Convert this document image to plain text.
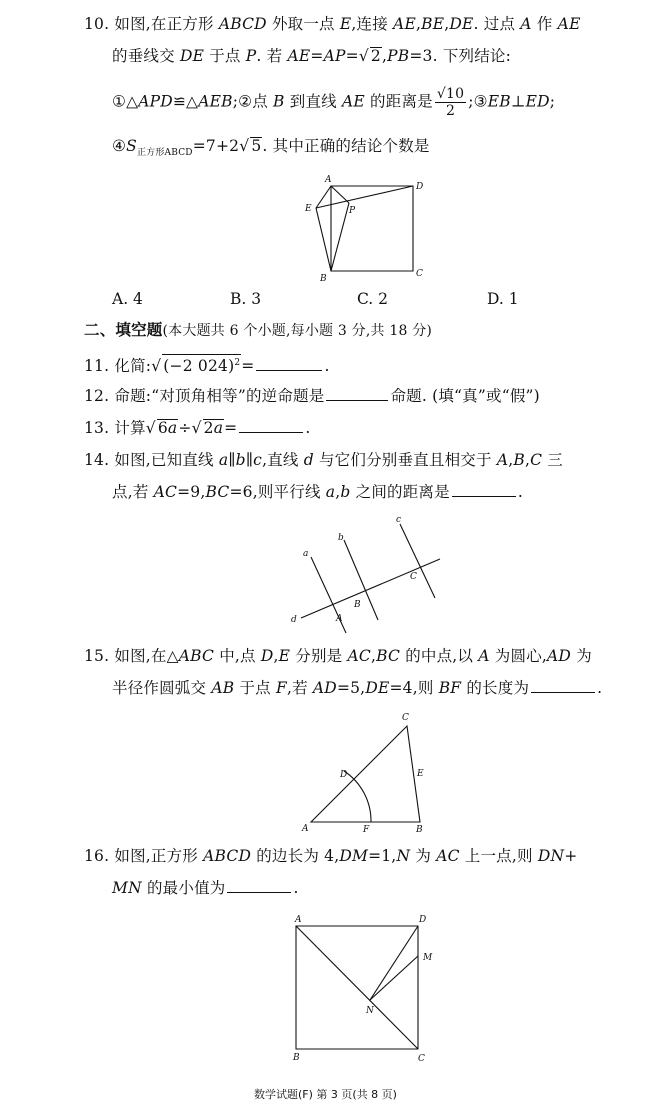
10. 如图,在正方形 ABCD 外取一点 E,连接 AE,BE,DE. 过点 A 作 AE
的垂线交 DE 于点 P. 若 AE=AP=√ 2,PB=3. 下列结论:
①△APD≌△AEB;②点 B 到直线 AE 的距离是 $\frac{√10}{2}$ ;③EB⊥ED;
$④S_{正方形ABCD}=7+2√$ 5. 其中正确的结论个数是
A
D
E	P
B	C
A. 4	B. 3	C. 2	D. 1
二、填空题(本大题共 6 个小题,每小题 3 分,共 18 分)
11. 化简:√ (−2 024)$^2$=	.
12. 命题:“对顶角相等”的逆命题是	命题. (填“真”或“假”)
13. 计算√ 6a÷√ 2a=	.
14. 如图,已知直线 a∥b∥c,直线 d 与它们分别垂直且相交于 A,B,C 三
点,若 AC=9,BC=6,则平行线 a,b 之间的距离是	.
a
b
c
d	A
B
C
15. 如图,在△ABC 中,点 D,E 分别是 AC,BC 的中点,以 A 为圆心,AD 为
半径作圆弧交 AB 于点 F,若 AD=5,DE=4,则 BF 的长度为	.
A	B
C
D	E
F
16. 如图,正方形 ABCD 的边长为 4,DM=1,N 为 AC 上一点,则 DN+
MN 的最小值为	.
A	D
M
N
B	C
数学试题(F) 第 3 页(共 8 页)
